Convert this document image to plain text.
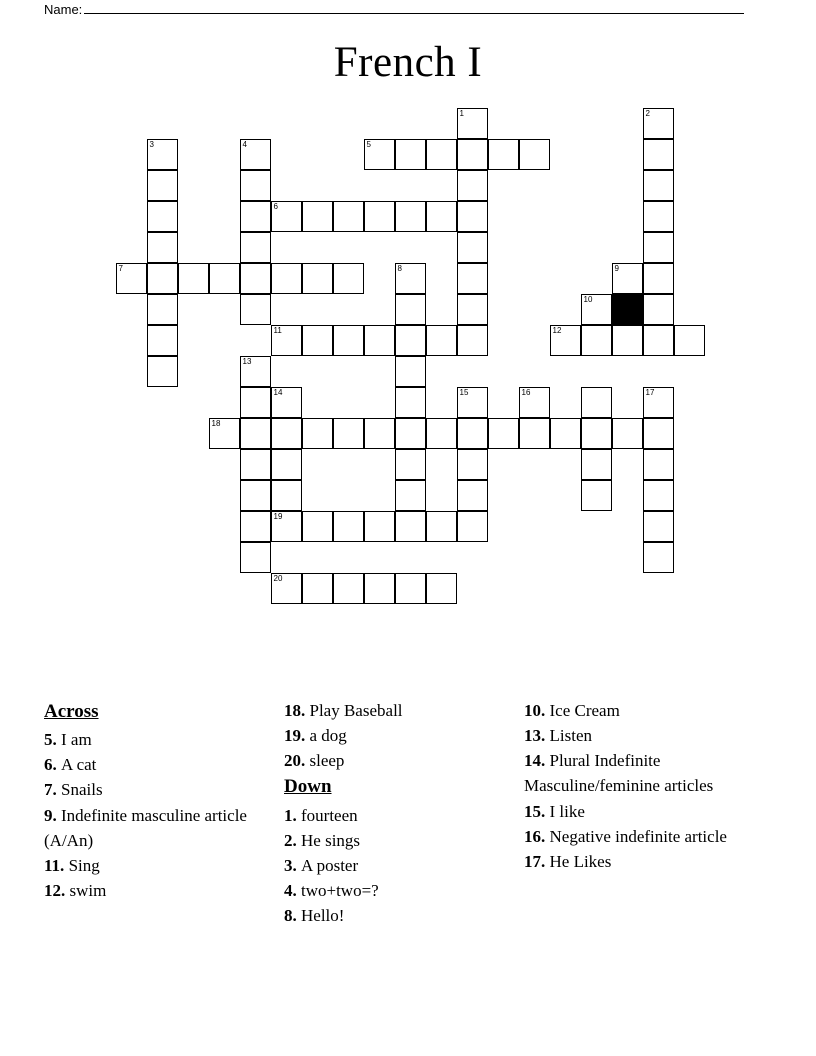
Name:
French I
1	2
5
3	4
6
7	8	9
10
11	12
13
14	15	16	17
18
19
20
Across
5. I am
6. A cat
7. Snails
9. Indefinite masculine article (A/An)
11. Sing
12. swim
18. Play Baseball
19. a dog
20. sleep
Down
1. fourteen
2. He sings
3. A poster
4. two+two=?
8. Hello!
10. Ice Cream
13. Listen
14. Plural Indefinite Masculine/feminine articles
15. I like
16. Negative indefinite article
17. He Likes
